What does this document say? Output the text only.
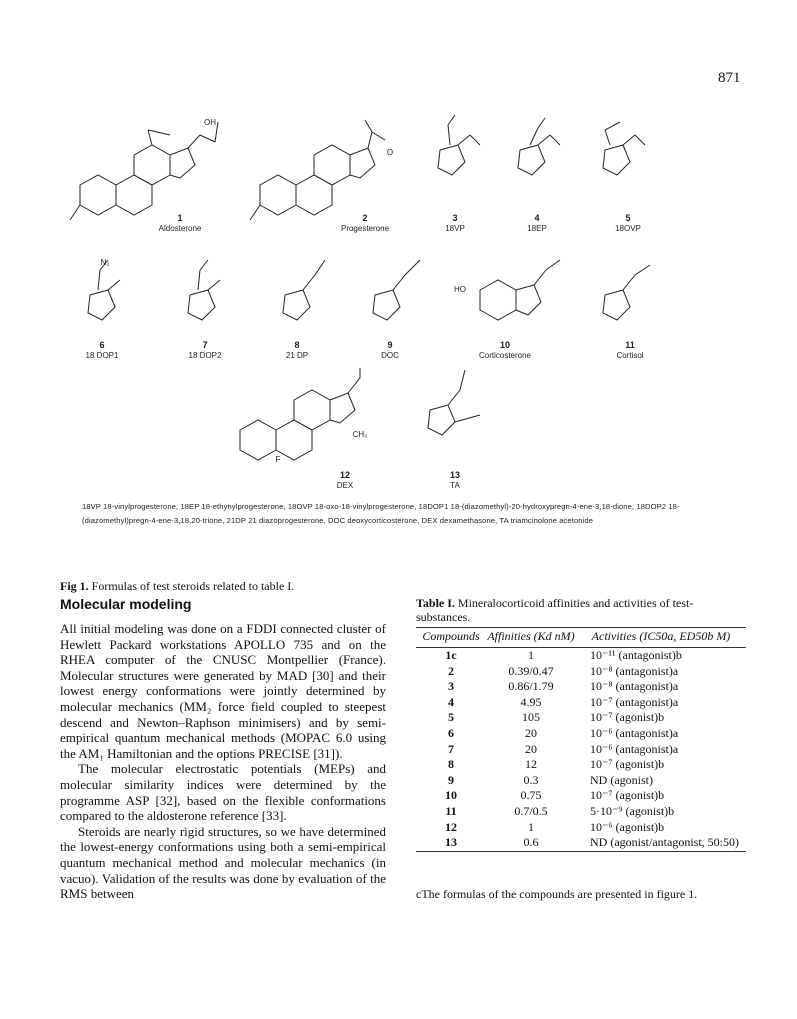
871
OH
O
N₂
HO
F
CH₃
1
Aldosterone
2
Progesterone
3
18VP
4
18EP
5
18OVP
6
18 DOP1
7
18 DOP2
8
21 DP
9
DOC
10
Corticosterone
11
Cortisol
12
DEX
13
TA
18VP 18-vinylprogesterone, 18EP 18-ethynylprogesterone, 18OVP 18-oxo-18-vinylprogesterone, 18DOP1 18-(diazomethyl)-20-hydroxypregn-4-ene-3,18-dione, 18DOP2 18-(diazomethyl)pregn-4-ene-3,18,20-trione, 21DP 21 diazoprogesterone, DOC deoxycorticosterone, DEX dexamethasone, TA triamcinolone acetonide
Fig 1. Formulas of test steroids related to table I.
Molecular modeling

All initial modeling was done on a FDDI connected cluster of Hewlett Packard workstations APOLLO 735 and on the RHEA computer of the CNUSC Montpellier (France). Molecular structures were generated by MAD [30] and their lowest energy conformations were jointly determined by molecular mechanics (MM₂ force field coupled to steepest descend and Newton–Raphson minimisers) and by semi-empirical quantum mechanical methods (MOPAC 6.0 using the AM₁ Hamiltonian and the options PRECISE [31]).

The molecular electrostatic potentials (MEPs) and molecular similarity indices were determined by the programme ASP [32], based on the flexible conformations compared to the aldosterone reference [33].

Steroids are nearly rigid structures, so we have determined the lowest-energy conformations using both a semi-empirical quantum mechanical method and molecular mechanics (in vacuo). Validation of the results was done by evaluation of the RMS between

Table I. Mineralocorticoid affinities and activities of test-substances.
Compounds	Affinities (Kd nM)	Activities (IC50a, ED50b M)
1c	1	10⁻¹¹ (antagonist)b
2	0.39/0.47	10⁻⁸ (antagonist)a
3	0.86/1.79	10⁻⁸ (antagonist)a
4	4.95	10⁻⁷ (antagonist)a
5	105	10⁻⁷ (agonist)b
6	20	10⁻⁶ (antagonist)a
7	20	10⁻⁶ (antagonist)a
8	12	10⁻⁷ (agonist)b
9	0.3	ND (agonist)
10	0.75	10⁻⁷ (agonist)b
11	0.7/0.5	5·10⁻⁹ (agonist)b
12	1	10⁻⁶ (agonist)b
13	0.6	ND (agonist/antagonist, 50:50)
cThe formulas of the compounds are presented in figure 1.
